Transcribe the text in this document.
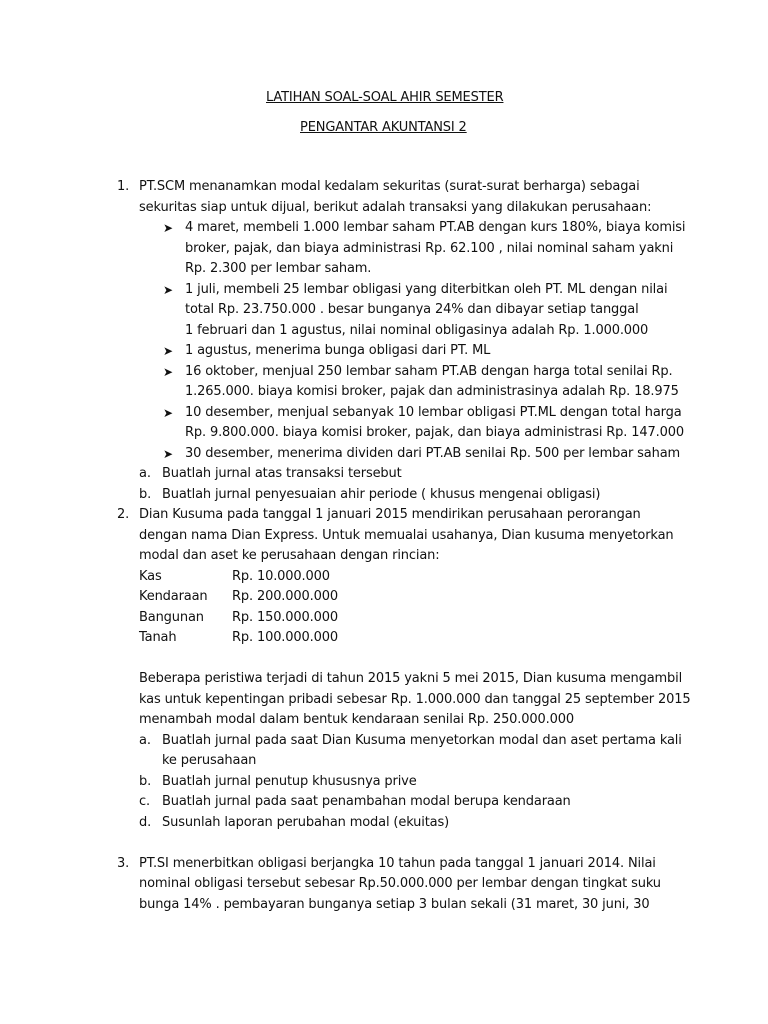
LATIHAN SOAL-SOAL AHIR SEMESTER
PENGANTAR AKUNTANSI 2
1. PT.SCM menanamkan modal kedalam sekuritas (surat-surat berharga) sebagai
sekuritas siap untuk dijual, berikut adalah transaksi yang dilakukan perusahaan:
➤ 4 maret, membeli 1.000 lembar saham PT.AB dengan kurs 180%, biaya komisi
broker, pajak, dan biaya administrasi Rp. 62.100 , nilai nominal saham yakni
Rp. 2.300 per lembar saham.
➤ 1 juli, membeli 25 lembar obligasi yang diterbitkan oleh PT. ML dengan nilai
total Rp. 23.750.000 . besar bunganya 24% dan dibayar setiap tanggal
1 februari dan 1 agustus, nilai nominal obligasinya adalah Rp. 1.000.000
➤ 1 agustus, menerima bunga obligasi dari PT. ML
➤ 16 oktober, menjual 250 lembar saham PT.AB dengan harga total senilai Rp.
1.265.000. biaya komisi broker, pajak dan administrasinya adalah Rp. 18.975
➤ 10 desember, menjual sebanyak 10 lembar obligasi PT.ML dengan total harga
Rp. 9.800.000. biaya komisi broker, pajak, dan biaya administrasi Rp. 147.000
➤ 30 desember, menerima dividen dari PT.AB senilai Rp. 500 per lembar saham
a. Buatlah jurnal atas transaksi tersebut
b. Buatlah jurnal penyesuaian ahir periode ( khusus mengenai obligasi)
2. Dian Kusuma pada tanggal 1 januari 2015 mendirikan perusahaan perorangan
dengan nama Dian Express. Untuk memualai usahanya, Dian kusuma menyetorkan
modal dan aset ke perusahaan dengan rincian:
Kas	Rp. 10.000.000
Kendaraan Rp. 200.000.000
Bangunan Rp. 150.000.000
Tanah	Rp. 100.000.000
Beberapa peristiwa terjadi di tahun 2015 yakni 5 mei 2015, Dian kusuma mengambil
kas untuk kepentingan pribadi sebesar Rp. 1.000.000 dan tanggal 25 september 2015
menambah modal dalam bentuk kendaraan senilai Rp. 250.000.000
a. Buatlah jurnal pada saat Dian Kusuma menyetorkan modal dan aset pertama kali
ke perusahaan
b. Buatlah jurnal penutup khususnya prive
c. Buatlah jurnal pada saat penambahan modal berupa kendaraan
d. Susunlah laporan perubahan modal (ekuitas)
3. PT.SI menerbitkan obligasi berjangka 10 tahun pada tanggal 1 januari 2014. Nilai
nominal obligasi tersebut sebesar Rp.50.000.000 per lembar dengan tingkat suku
bunga 14% . pembayaran bunganya setiap 3 bulan sekali (31 maret, 30 juni, 30
